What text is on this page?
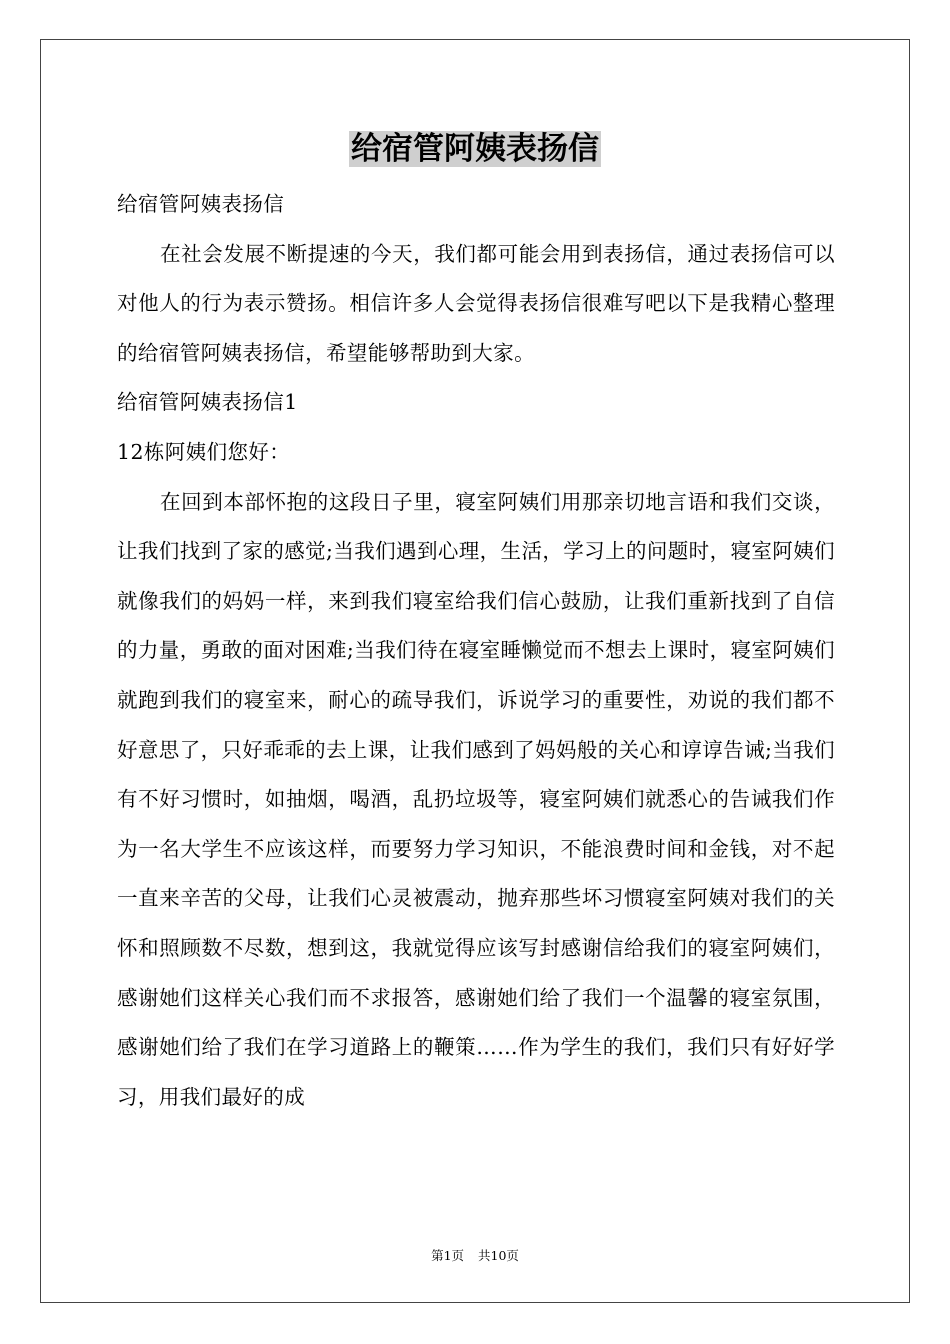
给宿管阿姨表扬信

给宿管阿姨表扬信

在社会发展不断提速的今天，我们都可能会用到表扬信，通过表扬信可以对他人的行为表示赞扬。相信许多人会觉得表扬信很难写吧以下是我精心整理的给宿管阿姨表扬信，希望能够帮助到大家。

给宿管阿姨表扬信1

12栋阿姨们您好：

在回到本部怀抱的这段日子里，寝室阿姨们用那亲切地言语和我们交谈，让我们找到了家的感觉;当我们遇到心理，生活，学习上的问题时，寝室阿姨们就像我们的妈妈一样，来到我们寝室给我们信心鼓励，让我们重新找到了自信的力量，勇敢的面对困难;当我们待在寝室睡懒觉而不想去上课时，寝室阿姨们就跑到我们的寝室来，耐心的疏导我们，诉说学习的重要性，劝说的我们都不好意思了，只好乖乖的去上课，让我们感到了妈妈般的关心和谆谆告诫;当我们有不好习惯时，如抽烟，喝酒，乱扔垃圾等，寝室阿姨们就悉心的告诫我们作为一名大学生不应该这样，而要努力学习知识，不能浪费时间和金钱，对不起一直来辛苦的父母，让我们心灵被震动，抛弃那些坏习惯寝室阿姨对我们的关怀和照顾数不尽数，想到这，我就觉得应该写封感谢信给我们的寝室阿姨们，感谢她们这样关心我们而不求报答，感谢她们给了我们一个温馨的寝室氛围，感谢她们给了我们在学习道路上的鞭策……作为学生的我们，我们只有好好学习，用我们最好的成

第1页 共10页
